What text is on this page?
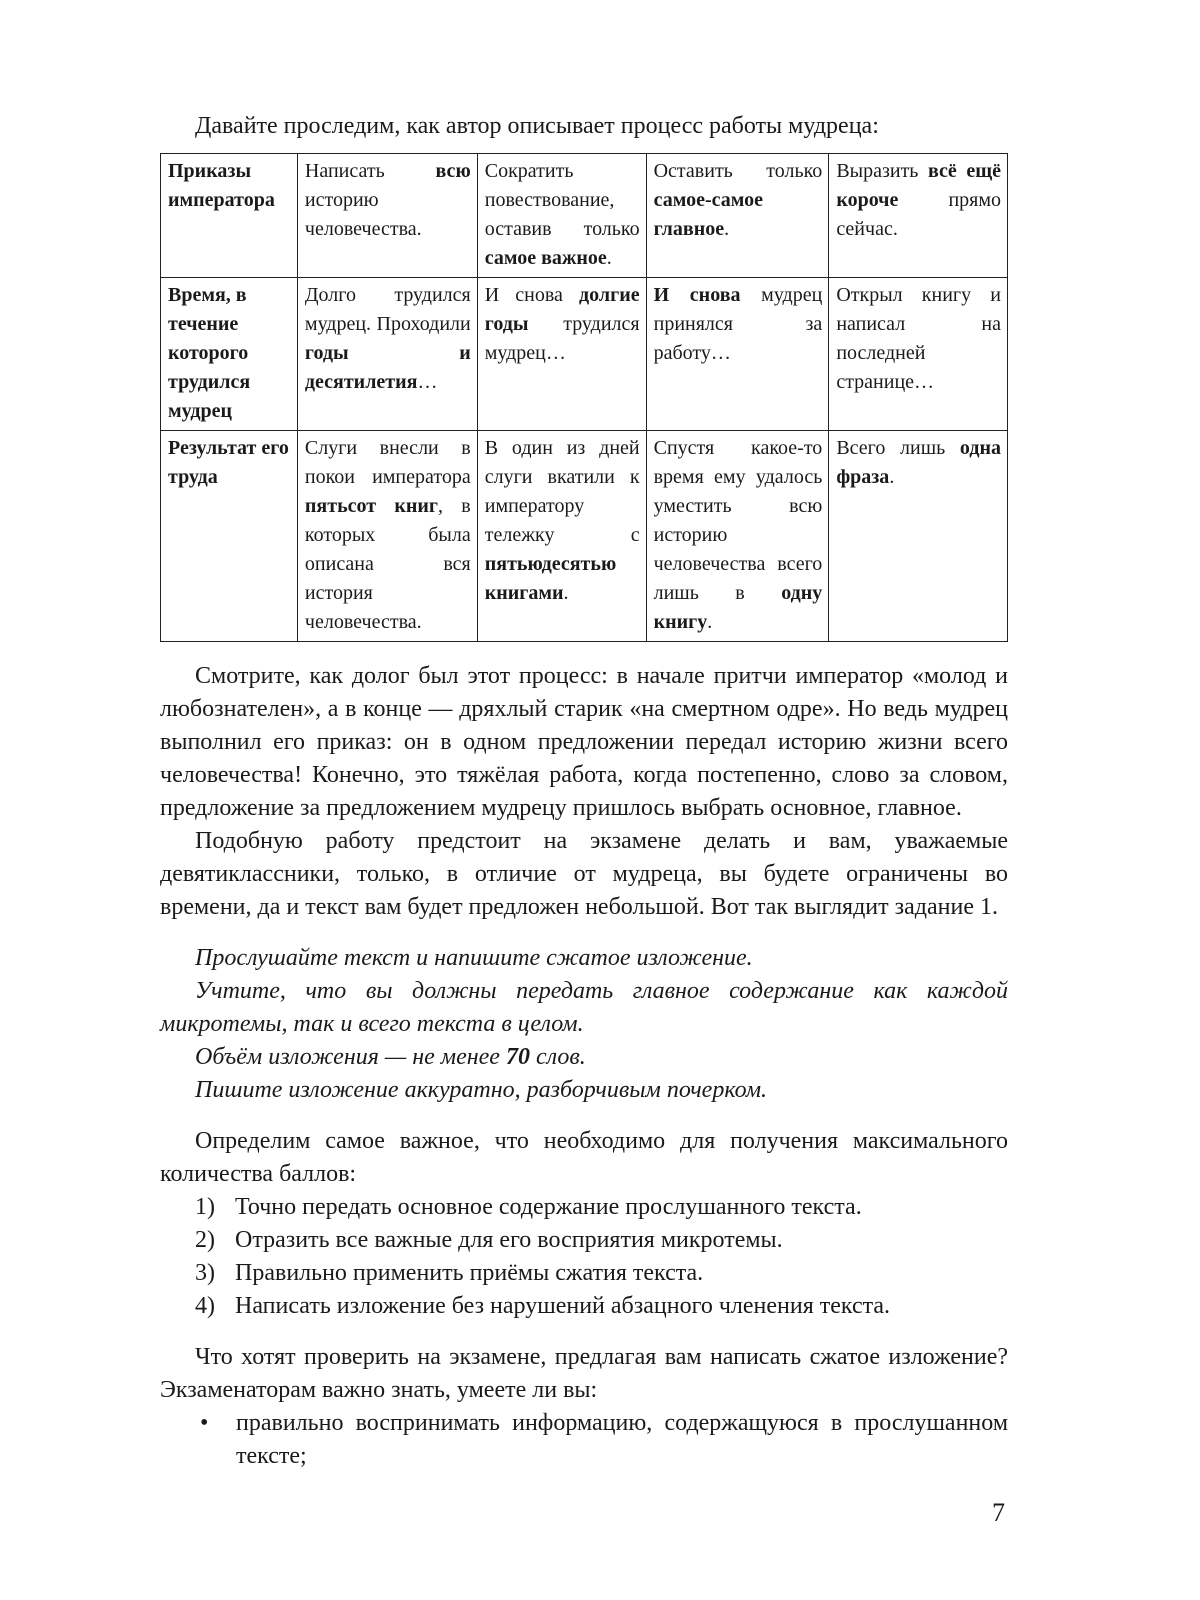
Давайте проследим, как автор описывает процесс работы мудреца:

Приказы императора	Написать всю историю человечества.	Сократить повествование, оставив только самое важное.	Оставить только самое-самое главное.	Выразить всё ещё короче прямо сейчас.
Время, в течение которого трудился мудрец	Долго трудился мудрец. Проходили годы и десятилетия…	И снова долгие годы трудился мудрец…	И снова мудрец принялся за работу…	Открыл книгу и написал на последней странице…
Результат его труда	Слуги внесли в покои императора пятьсот книг, в которых была описана вся история человечества.	В один из дней слуги вкатили к императору тележку с пятьюдесятью книгами.	Спустя какое-то время ему удалось уместить всю историю человечества всего лишь в одну книгу.	Всего лишь одна фраза.

Смотрите, как долог был этот процесс: в начале притчи император «молод и любознателен», а в конце — дряхлый старик «на смертном одре». Но ведь мудрец выполнил его приказ: он в одном предложении передал историю жизни всего человечества! Конечно, это тяжёлая работа, когда постепенно, слово за словом, предложение за предложением мудрецу пришлось выбрать основное, главное.

Подобную работу предстоит на экзамене делать и вам, уважаемые девятиклассники, только, в отличие от мудреца, вы будете ограничены во времени, да и текст вам будет предложен небольшой. Вот так выглядит задание 1.

Прослушайте текст и напишите сжатое изложение.

Учтите, что вы должны передать главное содержание как каждой микротемы, так и всего текста в целом.

Объём изложения — не менее 70 слов.

Пишите изложение аккуратно, разборчивым почерком.

Определим самое важное, что необходимо для получения максимального количества баллов:

1) Точно передать основное содержание прослушанного текста.
2) Отразить все важные для его восприятия микротемы.
3) Правильно применить приёмы сжатия текста.
4) Написать изложение без нарушений абзацного членения текста.

Что хотят проверить на экзамене, предлагая вам написать сжатое изложение? Экзаменаторам важно знать, умеете ли вы:

• правильно воспринимать информацию, содержащуюся в прослушанном тексте;
7
